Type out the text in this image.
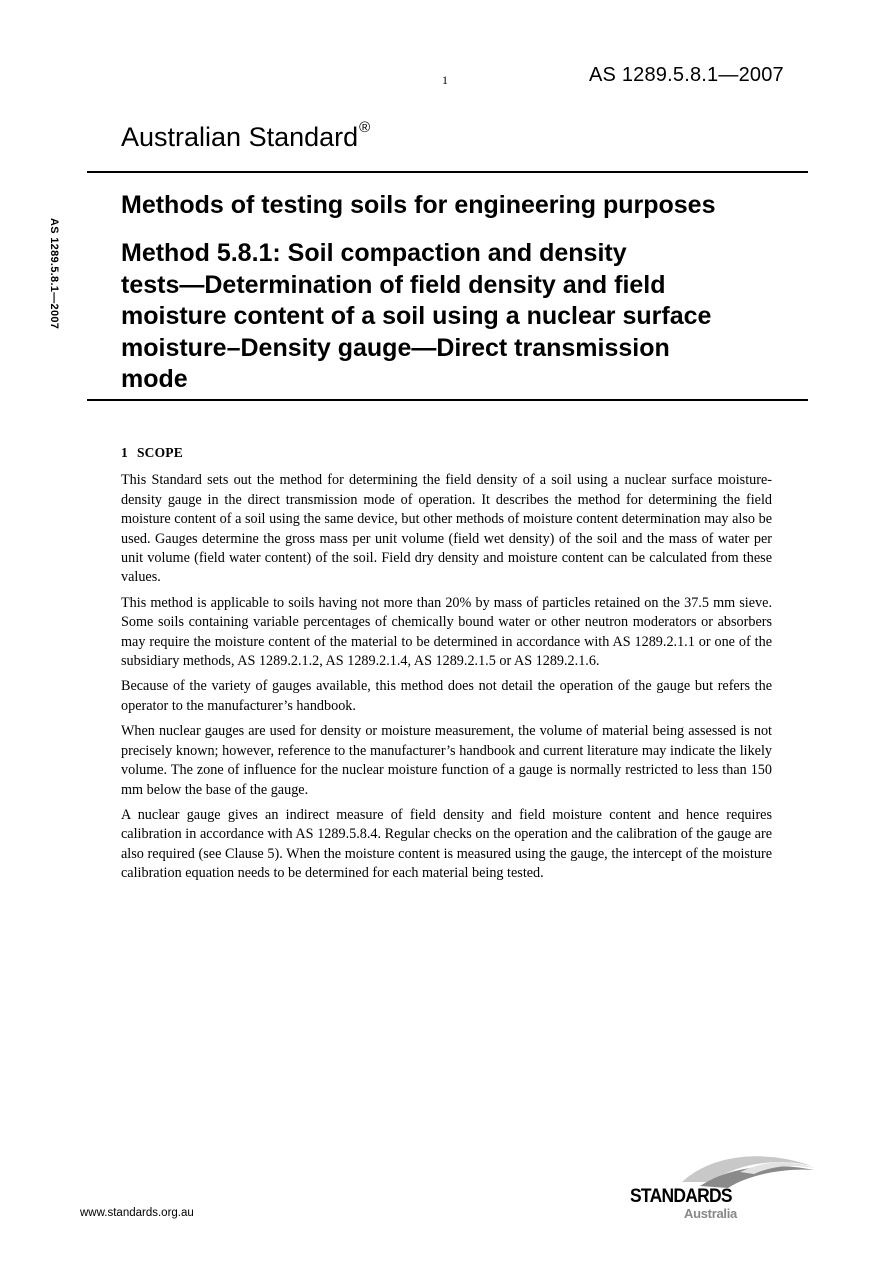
1	AS 1289.5.8.1—2007
AS 1289.5.8.1—2007
Australian Standard®
Methods of testing soils for engineering purposes
Method 5.8.1: Soil compaction and density
tests—Determination of field density and field
moisture content of a soil using a nuclear surface
moisture–Density gauge—Direct transmission
mode
1 SCOPE

This Standard sets out the method for determining the field density of a soil using a nuclear surface moisture-density gauge in the direct transmission mode of operation. It describes the method for determining the field moisture content of a soil using the same device, but other methods of moisture content determination may also be used. Gauges determine the gross mass per unit volume (field wet density) of the soil and the mass of water per unit volume (field water content) of the soil. Field dry density and moisture content can be calculated from these values.

This method is applicable to soils having not more than 20% by mass of particles retained on the 37.5 mm sieve. Some soils containing variable percentages of chemically bound water or other neutron moderators or absorbers may require the moisture content of the material to be determined in accordance with AS 1289.2.1.1 or one of the subsidiary methods, AS 1289.2.1.2, AS 1289.2.1.4, AS 1289.2.1.5 or AS 1289.2.1.6.

Because of the variety of gauges available, this method does not detail the operation of the gauge but refers the operator to the manufacturer’s handbook.

When nuclear gauges are used for density or moisture measurement, the volume of material being assessed is not precisely known; however, reference to the manufacturer’s handbook and current literature may indicate the likely volume. The zone of influence for the nuclear moisture function of a gauge is normally restricted to less than 150 mm below the base of the gauge.

A nuclear gauge gives an indirect measure of field density and field moisture content and hence requires calibration in accordance with AS 1289.5.8.4. Regular checks on the operation and the calibration of the gauge are also required (see Clause 5). When the moisture content is measured using the gauge, the intercept of the moisture calibration equation needs to be determined for each material being tested.

www.standards.org.au
STANDARDS
Australia
